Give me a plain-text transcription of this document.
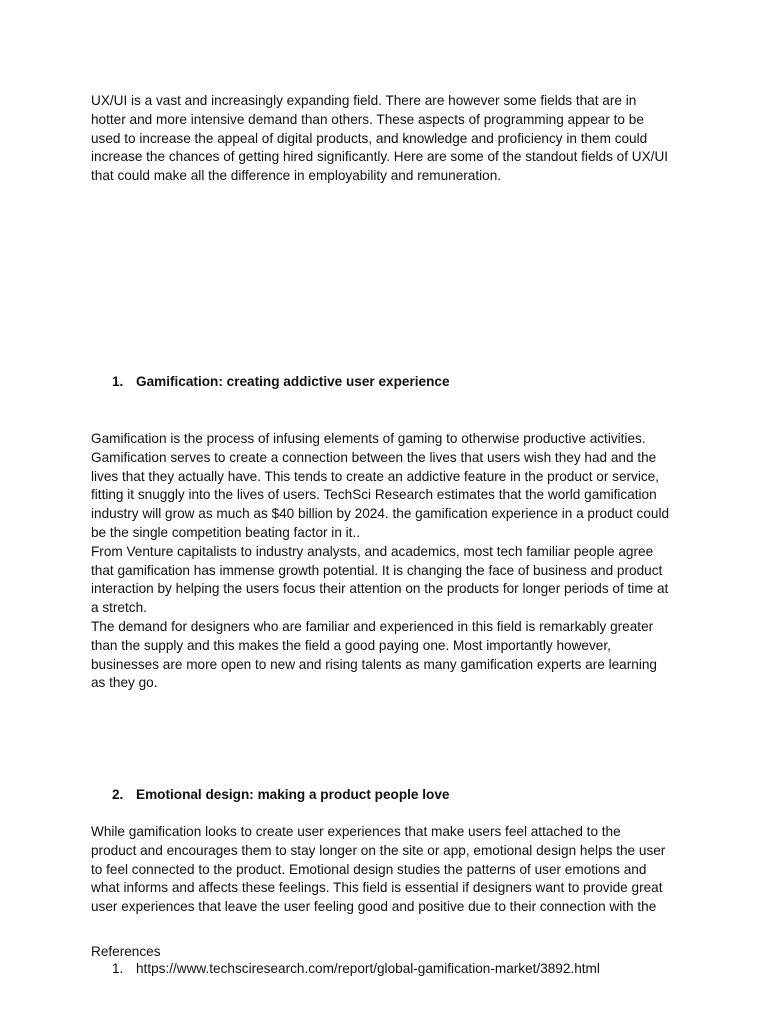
UX/UI is a vast and increasingly expanding field. There are however some fields that are in
hotter and more intensive demand than others. These aspects of programming appear to be
used to increase the appeal of digital products, and knowledge and proficiency in them could
increase the chances of getting hired significantly. Here are some of the standout fields of UX/UI
that could make all the difference in employability and remuneration.

1. Gamification: creating addictive user experience

Gamification is the process of infusing elements of gaming to otherwise productive activities.
Gamification serves to create a connection between the lives that users wish they had and the
lives that they actually have. This tends to create an addictive feature in the product or service,
fitting it snuggly into the lives of users. TechSci Research estimates that the world gamification
industry will grow as much as $40 billion by 2024. the gamification experience in a product could
be the single competition beating factor in it..
From Venture capitalists to industry analysts, and academics, most tech familiar people agree
that gamification has immense growth potential. It is changing the face of business and product
interaction by helping the users focus their attention on the products for longer periods of time at
a stretch.
The demand for designers who are familiar and experienced in this field is remarkably greater
than the supply and this makes the field a good paying one. Most importantly however,
businesses are more open to new and rising talents as many gamification experts are learning
as they go.

2. Emotional design: making a product people love

While gamification looks to create user experiences that make users feel attached to the
product and encourages them to stay longer on the site or app, emotional design helps the user
to feel connected to the product. Emotional design studies the patterns of user emotions and
what informs and affects these feelings. This field is essential if designers want to provide great
user experiences that leave the user feeling good and positive due to their connection with the

References

1. https://www.techsciresearch.com/report/global-gamification-market/3892.html
